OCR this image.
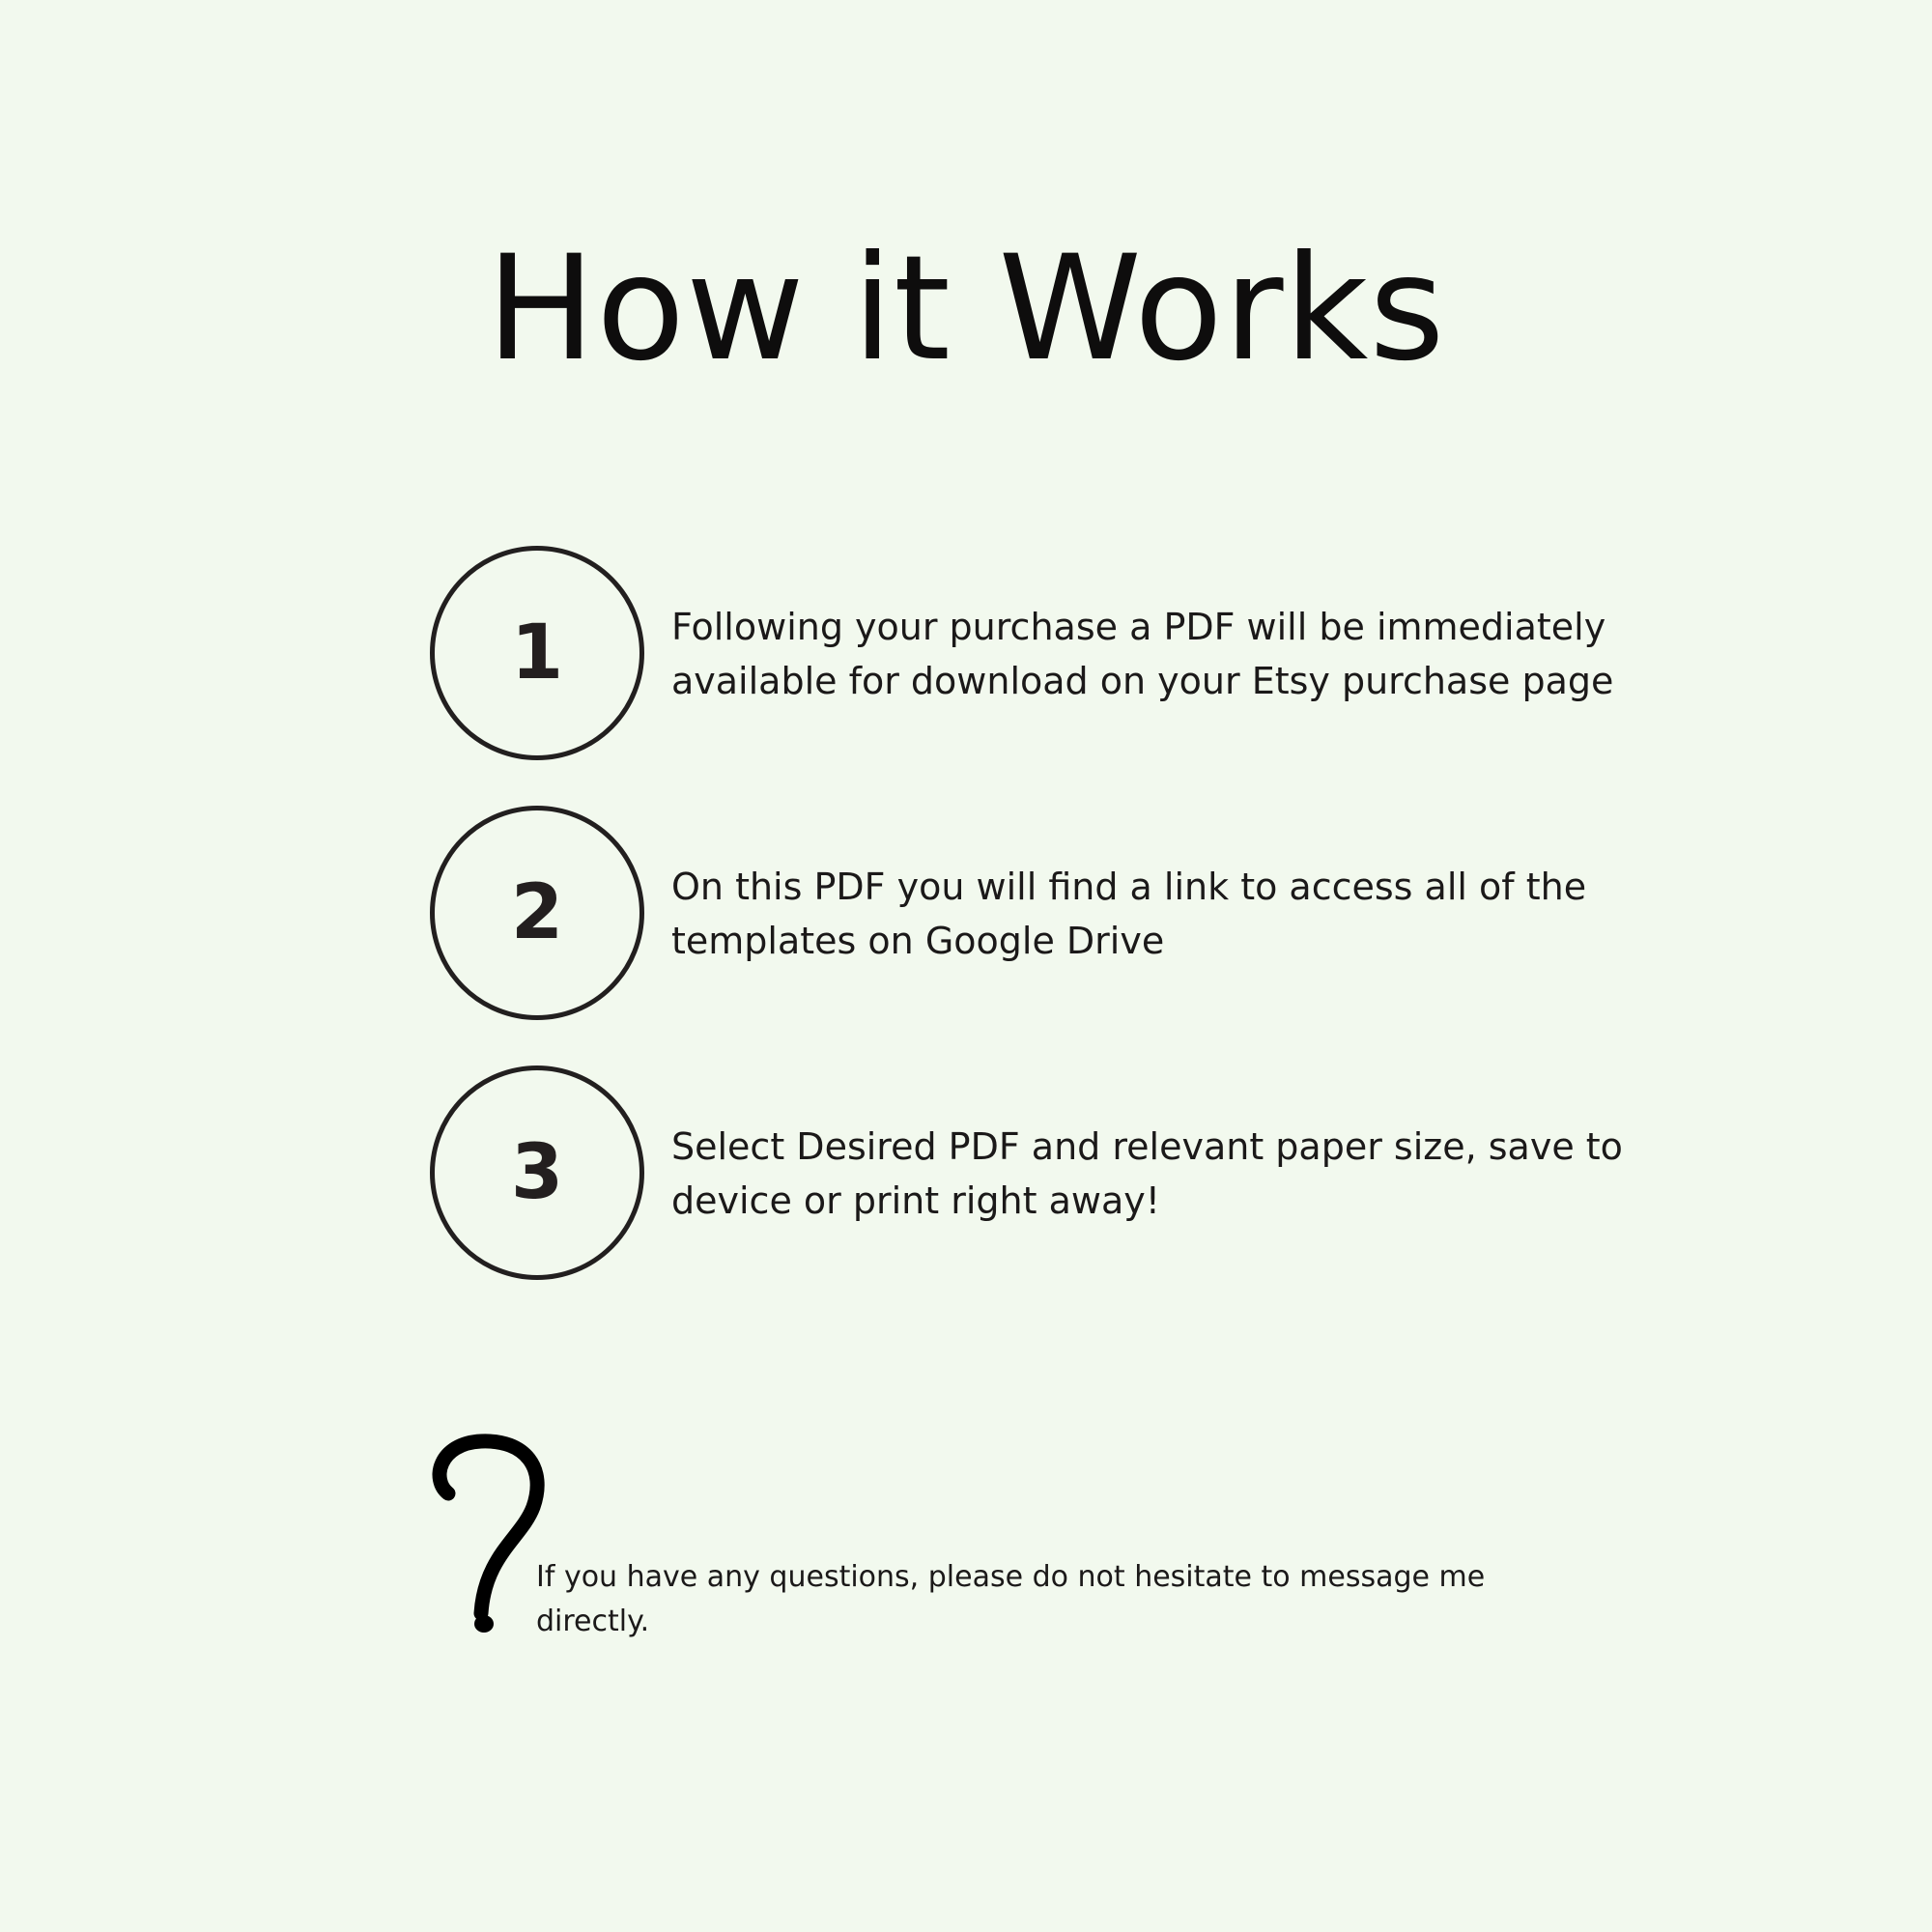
How it Works
1	Following your purchase a PDF will be immediately available for download on your Etsy purchase page
2	On this PDF you will find a link to access all of the templates on Google Drive
3	Select Desired PDF and relevant paper size, save to device or print right away!
If you have any questions, please do not hesitate to message me directly.
